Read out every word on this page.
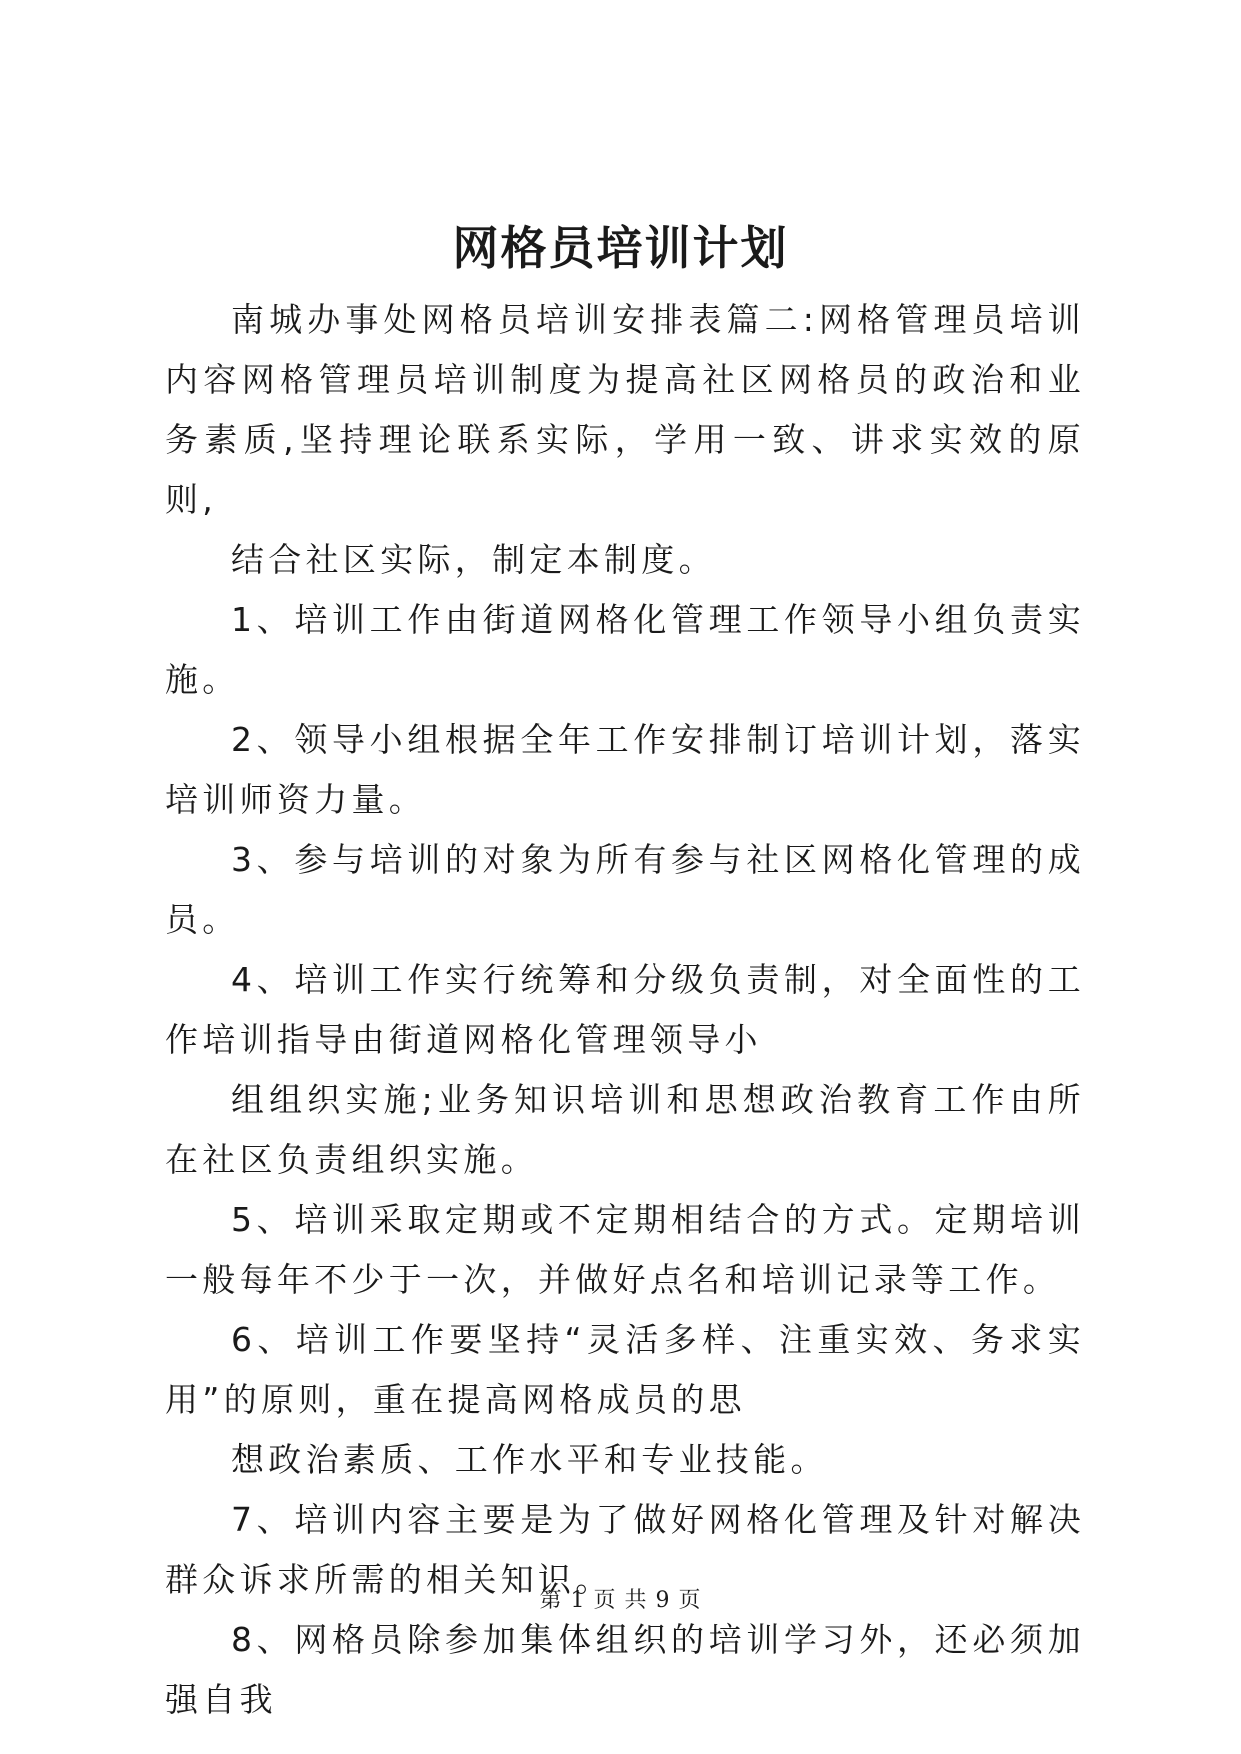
网格员培训计划

南城办事处网格员培训安排表篇二:网格管理员培训内容网格管理员培训制度为提高社区网格员的政治和业务素质,坚持理论联系实际，学用一致、讲求实效的原则,

结合社区实际，制定本制度。

1、培训工作由街道网格化管理工作领导小组负责实施。

2、领导小组根据全年工作安排制订培训计划，落实培训师资力量。

3、参与培训的对象为所有参与社区网格化管理的成员。

4、培训工作实行统筹和分级负责制，对全面性的工作培训指导由街道网格化管理领导小

组组织实施;业务知识培训和思想政治教育工作由所在社区负责组织实施。

5、培训采取定期或不定期相结合的方式。定期培训一般每年不少于一次，并做好点名和培训记录等工作。

6、培训工作要坚持“灵活多样、注重实效、务求实用”的原则，重在提高网格成员的思

想政治素质、工作水平和专业技能。

7、培训内容主要是为了做好网格化管理及针对解决群众诉求所需的相关知识。

8、网格员除参加集体组织的培训学习外，还必须加强自我

第 1 页 共 9 页
